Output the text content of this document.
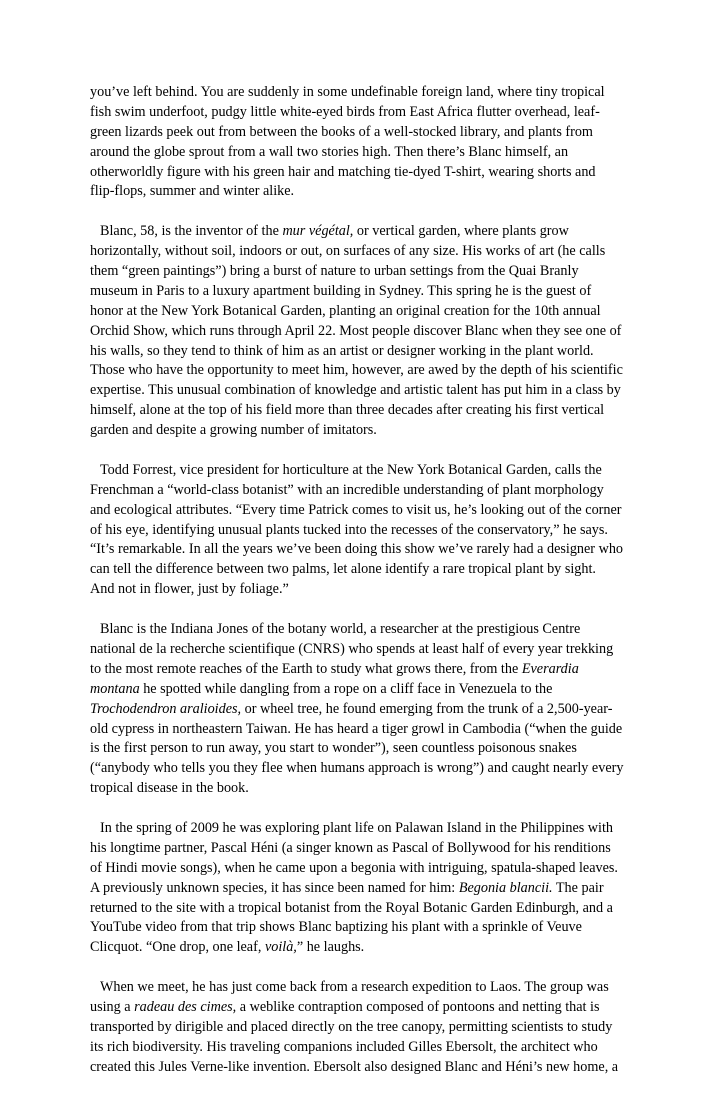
you’ve left behind. You are suddenly in some undefinable foreign land, where tiny tropical
fish swim underfoot, pudgy little white-eyed birds from East Africa flutter overhead, leaf-
green lizards peek out from between the books of a well-stocked library, and plants from
around the globe sprout from a wall two stories high. Then there’s Blanc himself, an
otherworldly figure with his green hair and matching tie-dyed T-shirt, wearing shorts and
flip-flops, summer and winter alike.
Blanc, 58, is the inventor of the mur végétal, or vertical garden, where plants grow
horizontally, without soil, indoors or out, on surfaces of any size. His works of art (he calls
them “green paintings”) bring a burst of nature to urban settings from the Quai Branly
museum in Paris to a luxury apartment building in Sydney. This spring he is the guest of
honor at the New York Botanical Garden, planting an original creation for the 10th annual
Orchid Show, which runs through April 22. Most people discover Blanc when they see one of
his walls, so they tend to think of him as an artist or designer working in the plant world.
Those who have the opportunity to meet him, however, are awed by the depth of his scientific
expertise. This unusual combination of knowledge and artistic talent has put him in a class by
himself, alone at the top of his field more than three decades after creating his first vertical
garden and despite a growing number of imitators.
Todd Forrest, vice president for horticulture at the New York Botanical Garden, calls the
Frenchman a “world-class botanist” with an incredible understanding of plant morphology
and ecological attributes. “Every time Patrick comes to visit us, he’s looking out of the corner
of his eye, identifying unusual plants tucked into the recesses of the conservatory,” he says.
“It’s remarkable. In all the years we’ve been doing this show we’ve rarely had a designer who
can tell the difference between two palms, let alone identify a rare tropical plant by sight.
And not in flower, just by foliage.”
Blanc is the Indiana Jones of the botany world, a researcher at the prestigious Centre
national de la recherche scientifique (CNRS) who spends at least half of every year trekking
to the most remote reaches of the Earth to study what grows there, from the Everardia
montana he spotted while dangling from a rope on a cliff face in Venezuela to the
Trochodendron aralioides, or wheel tree, he found emerging from the trunk of a 2,500-year-
old cypress in northeastern Taiwan. He has heard a tiger growl in Cambodia (“when the guide
is the first person to run away, you start to wonder”), seen countless poisonous snakes
(“anybody who tells you they flee when humans approach is wrong”) and caught nearly every
tropical disease in the book.
In the spring of 2009 he was exploring plant life on Palawan Island in the Philippines with
his longtime partner, Pascal Héni (a singer known as Pascal of Bollywood for his renditions
of Hindi movie songs), when he came upon a begonia with intriguing, spatula-shaped leaves.
A previously unknown species, it has since been named for him: Begonia blancii. The pair
returned to the site with a tropical botanist from the Royal Botanic Garden Edinburgh, and a
YouTube video from that trip shows Blanc baptizing his plant with a sprinkle of Veuve
Clicquot. “One drop, one leaf, voilà,” he laughs.
When we meet, he has just come back from a research expedition to Laos. The group was
using a radeau des cimes, a weblike contraption composed of pontoons and netting that is
transported by dirigible and placed directly on the tree canopy, permitting scientists to study
its rich biodiversity. His traveling companions included Gilles Ebersolt, the architect who
created this Jules Verne-like invention. Ebersolt also designed Blanc and Héni’s new home, a
